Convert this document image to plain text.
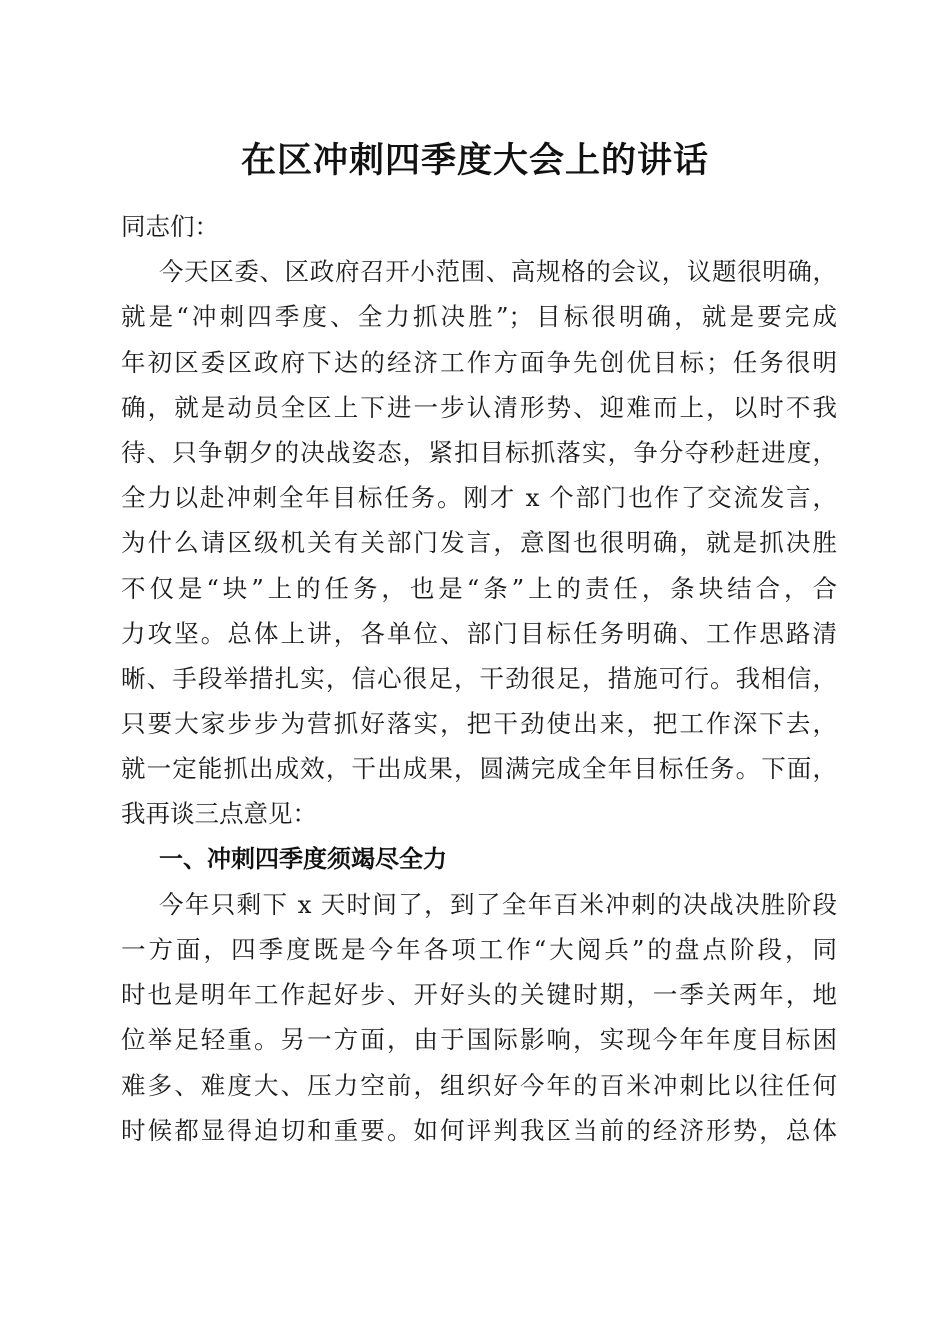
在区冲刺四季度大会上的讲话
同志们：
今天区委、区政府召开小范围、高规格的会议，议题很明确，
就是“冲刺四季度、全力抓决胜”；目标很明确，就是要完成
年初区委区政府下达的经济工作方面争先创优目标；任务很明
确，就是动员全区上下进一步认清形势、迎难而上，以时不我
待、只争朝夕的决战姿态，紧扣目标抓落实，争分夺秒赶进度，
全力以赴冲刺全年目标任务。刚才 x 个部门也作了交流发言，
为什么请区级机关有关部门发言，意图也很明确，就是抓决胜
不仅是“块”上的任务，也是“条”上的责任，条块结合，合
力攻坚。总体上讲，各单位、部门目标任务明确、工作思路清
晰、手段举措扎实，信心很足，干劲很足，措施可行。我相信，
只要大家步步为营抓好落实，把干劲使出来，把工作深下去，
就一定能抓出成效，干出成果，圆满完成全年目标任务。下面，
我再谈三点意见：
一、冲刺四季度须竭尽全力
今年只剩下 x 天时间了，到了全年百米冲刺的决战决胜阶段
一方面，四季度既是今年各项工作“大阅兵”的盘点阶段，同
时也是明年工作起好步、开好头的关键时期，一季关两年，地
位举足轻重。另一方面，由于国际影响，实现今年年度目标困
难多、难度大、压力空前，组织好今年的百米冲刺比以往任何
时候都显得迫切和重要。如何评判我区当前的经济形势，总体
